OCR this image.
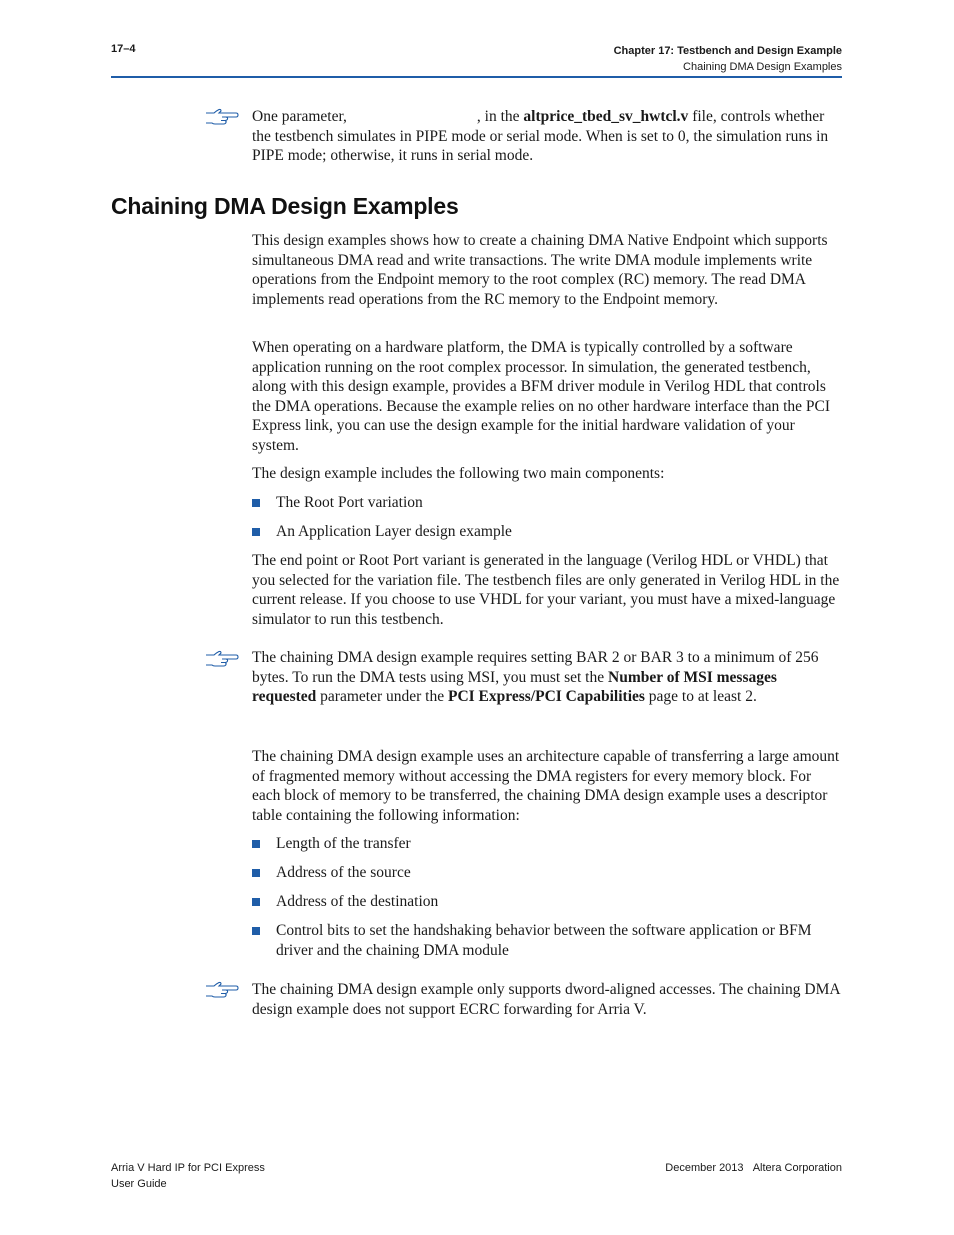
17–4	Chapter 17: Testbench and Design Example
Chaining DMA Design Examples

One parameter,	, in the altprice_tbed_sv_hwtcl.v file, controls whether the testbench simulates in PIPE mode or serial mode. When is set to 0, the simulation runs in PIPE mode; otherwise, it runs in serial mode.

Chaining DMA Design Examples

This design examples shows how to create a chaining DMA Native Endpoint which supports simultaneous DMA read and write transactions. The write DMA module implements write operations from the Endpoint memory to the root complex (RC) memory. The read DMA implements read operations from the RC memory to the Endpoint memory.

When operating on a hardware platform, the DMA is typically controlled by a software application running on the root complex processor. In simulation, the generated testbench, along with this design example, provides a BFM driver module in Verilog HDL that controls the DMA operations. Because the example relies on no other hardware interface than the PCI Express link, you can use the design example for the initial hardware validation of your system.

The design example includes the following two main components:

The Root Port variation
An Application Layer design example

The end point or Root Port variant is generated in the language (Verilog HDL or VHDL) that you selected for the variation file. The testbench files are only generated in Verilog HDL in the current release. If you choose to use VHDL for your variant, you must have a mixed-language simulator to run this testbench.

The chaining DMA design example requires setting BAR 2 or BAR 3 to a minimum of 256 bytes. To run the DMA tests using MSI, you must set the Number of MSI messages requested parameter under the PCI Express/PCI Capabilities page to at least 2.

The chaining DMA design example uses an architecture capable of transferring a large amount of fragmented memory without accessing the DMA registers for every memory block. For each block of memory to be transferred, the chaining DMA design example uses a descriptor table containing the following information:

Length of the transfer
Address of the source
Address of the destination
Control bits to set the handshaking behavior between the software application or BFM driver and the chaining DMA module

The chaining DMA design example only supports dword-aligned accesses. The chaining DMA design example does not support ECRC forwarding for Arria V.

Arria V Hard IP for PCI Express
User Guide
December 2013 Altera Corporation
